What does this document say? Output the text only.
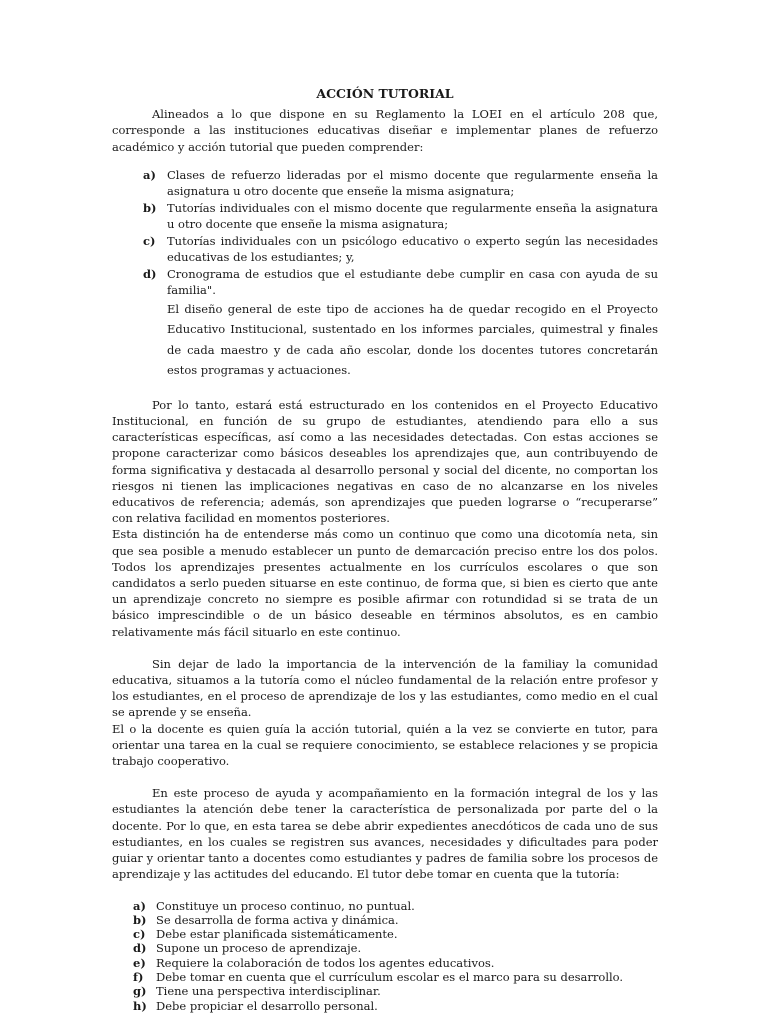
ACCIÓN TUTORIAL

Alineados a lo que dispone en su Reglamento la LOEI en el artículo 208 que, corresponde a las instituciones educativas diseñar e implementar planes de refuerzo académico y acción tutorial que pueden comprender:

a) Clases de refuerzo lideradas por el mismo docente que regularmente enseña la asignatura u otro docente que enseñe la misma asignatura;
b) Tutorías individuales con el mismo docente que regularmente enseña la asignatura u otro docente que enseñe la misma asignatura;
c) Tutorías individuales con un psicólogo educativo o experto según las necesidades educativas de los estudiantes; y,
d) Cronograma de estudios que el estudiante debe cumplir en casa con ayuda de su familia".
El diseño general de este tipo de acciones ha de quedar recogido en el Proyecto Educativo Institucional, sustentado en los informes parciales, quimestral y finales de cada maestro y de cada año escolar, donde los docentes tutores concretarán estos programas y actuaciones.

Por lo tanto, estará está estructurado en los contenidos en el Proyecto Educativo Institucional, en función de su grupo de estudiantes, atendiendo para ello a sus características específicas, así como a las necesidades detectadas. Con estas acciones se propone caracterizar como básicos deseables los aprendizajes que, aun contribuyendo de forma significativa y destacada al desarrollo personal y social del dicente, no comportan los riesgos ni tienen las implicaciones negativas en caso de no alcanzarse en los niveles educativos de referencia; además, son aprendizajes que pueden lograrse o “recuperarse” con relativa facilidad en momentos posteriores.

Esta distinción ha de entenderse más como un continuo que como una dicotomía neta, sin que sea posible a menudo establecer un punto de demarcación preciso entre los dos polos. Todos los aprendizajes presentes actualmente en los currículos escolares o que son candidatos a serlo pueden situarse en este continuo, de forma que, si bien es cierto que ante un aprendizaje concreto no siempre es posible afirmar con rotundidad si se trata de un básico imprescindible o de un básico deseable en términos absolutos, es en cambio relativamente más fácil situarlo en este continuo.

Sin dejar de lado la importancia de la intervención de la familiay la comunidad educativa, situamos a la tutoría como el núcleo fundamental de la relación entre profesor y los estudiantes, en el proceso de aprendizaje de los y las estudiantes, como medio en el cual se aprende y se enseña.

El o la docente es quien guía la acción tutorial, quién a la vez se convierte en tutor, para orientar una tarea en la cual se requiere conocimiento, se establece relaciones y se propicia trabajo cooperativo.

En este proceso de ayuda y acompañamiento en la formación integral de los y las estudiantes la atención debe tener la característica de personalizada por parte del o la docente. Por lo que, en esta tarea se debe abrir expedientes anecdóticos de cada uno de sus estudiantes, en los cuales se registren sus avances, necesidades y dificultades para poder guiar y orientar tanto a docentes como estudiantes y padres de familia sobre los procesos de aprendizaje y las actitudes del educando. El tutor debe tomar en cuenta que la tutoría:

a) Constituye un proceso continuo, no puntual.
b) Se desarrolla de forma activa y dinámica.
c) Debe estar planificada sistemáticamente.
d) Supone un proceso de aprendizaje.
e) Requiere la colaboración de todos los agentes educativos.
f) Debe tomar en cuenta que el currículum escolar es el marco para su desarrollo.
g) Tiene una perspectiva interdisciplinar.
h) Debe propiciar el desarrollo personal.
